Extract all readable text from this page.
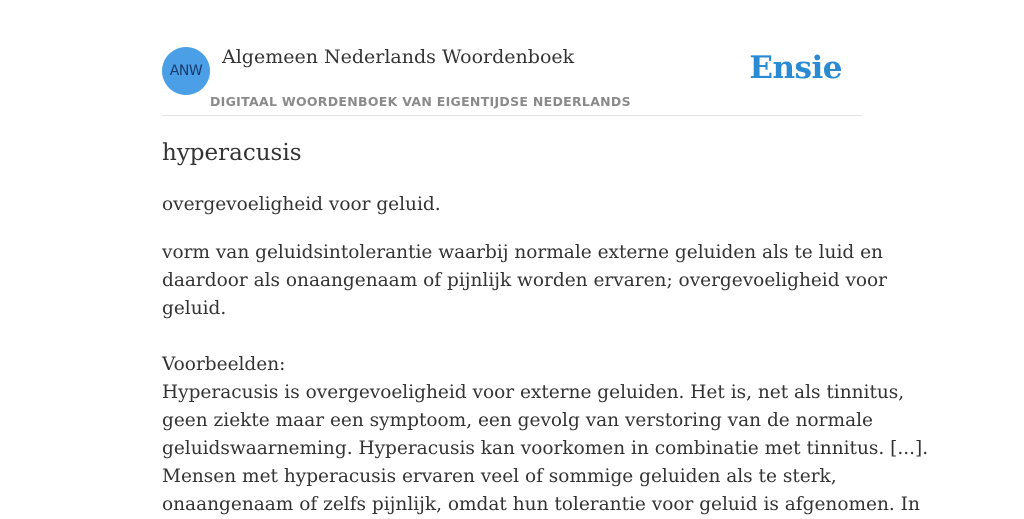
ANW
Algemeen Nederlands Woordenboek
DIGITAAL WOORDENBOEK VAN EIGENTIJDSE NEDERLANDS
Ensie
hyperacusis
overgevoeligheid voor geluid.
vorm van geluidsintolerantie waarbij normale externe geluiden als te luid en
daardoor als onaangenaam of pijnlijk worden ervaren; overgevoeligheid voor
geluid.
Voorbeelden:
Hyperacusis is overgevoeligheid voor externe geluiden. Het is, net als tinnitus,
geen ziekte maar een symptoom, een gevolg van verstoring van de normale
geluidswaarneming. Hyperacusis kan voorkomen in combinatie met tinnitus. [...].
Mensen met hyperacusis ervaren veel of sommige geluiden als te sterk,
onaangenaam of zelfs pijnlijk, omdat hun tolerantie voor geluid is afgenomen. In
